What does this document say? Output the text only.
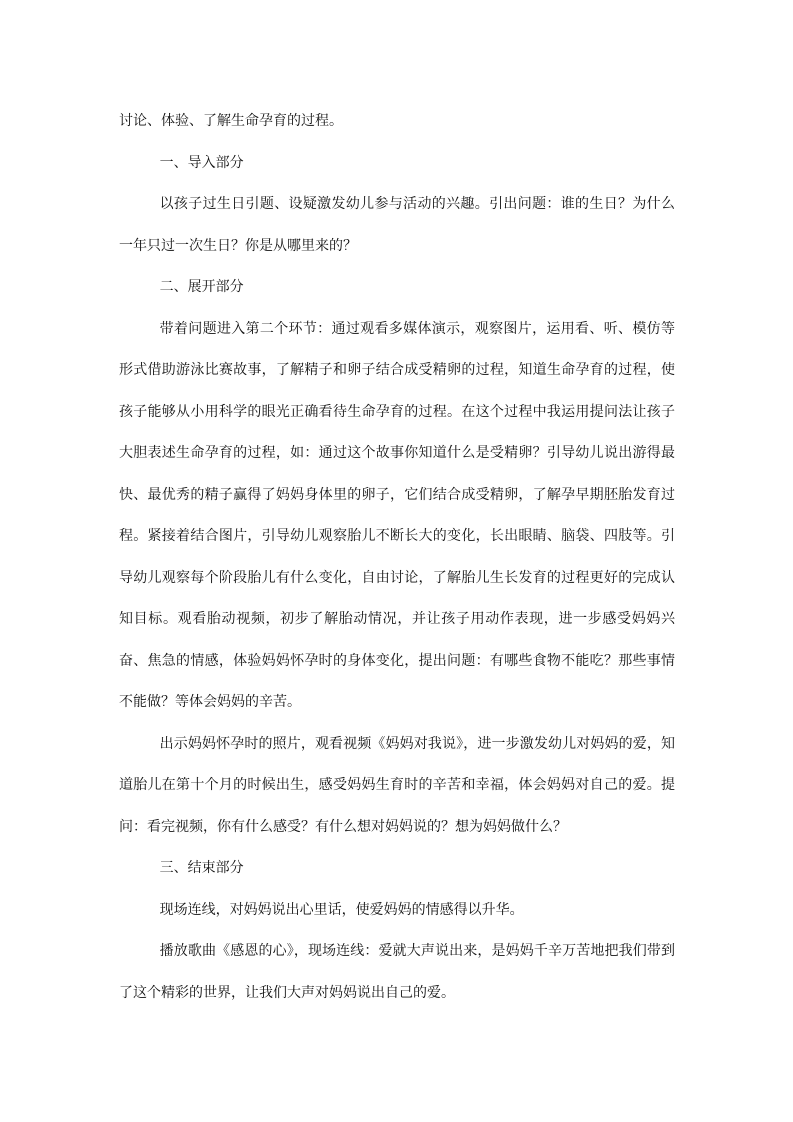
讨论、体验、了解生命孕育的过程。

一、导入部分

以孩子过生日引题、设疑激发幼儿参与活动的兴趣。引出问题：谁的生日？为什么一年只过一次生日？你是从哪里来的？

二、展开部分

带着问题进入第二个环节：通过观看多媒体演示，观察图片，运用看、听、模仿等形式借助游泳比赛故事，了解精子和卵子结合成受精卵的过程，知道生命孕育的过程，使孩子能够从小用科学的眼光正确看待生命孕育的过程。在这个过程中我运用提问法让孩子大胆表述生命孕育的过程，如：通过这个故事你知道什么是受精卵？引导幼儿说出游得最快、最优秀的精子赢得了妈妈身体里的卵子，它们结合成受精卵，了解孕早期胚胎发育过程。紧接着结合图片，引导幼儿观察胎儿不断长大的变化，长出眼睛、脑袋、四肢等。引导幼儿观察每个阶段胎儿有什么变化，自由讨论，了解胎儿生长发育的过程更好的完成认知目标。观看胎动视频，初步了解胎动情况，并让孩子用动作表现，进一步感受妈妈兴奋、焦急的情感，体验妈妈怀孕时的身体变化，提出问题：有哪些食物不能吃？那些事情不能做？等体会妈妈的辛苦。

出示妈妈怀孕时的照片，观看视频《妈妈对我说》，进一步激发幼儿对妈妈的爱，知道胎儿在第十个月的时候出生，感受妈妈生育时的辛苦和幸福，体会妈妈对自己的爱。提问：看完视频，你有什么感受？有什么想对妈妈说的？想为妈妈做什么？

三、结束部分

现场连线，对妈妈说出心里话，使爱妈妈的情感得以升华。

播放歌曲《感恩的心》，现场连线：爱就大声说出来，是妈妈千辛万苦地把我们带到了这个精彩的世界，让我们大声对妈妈说出自己的爱。
